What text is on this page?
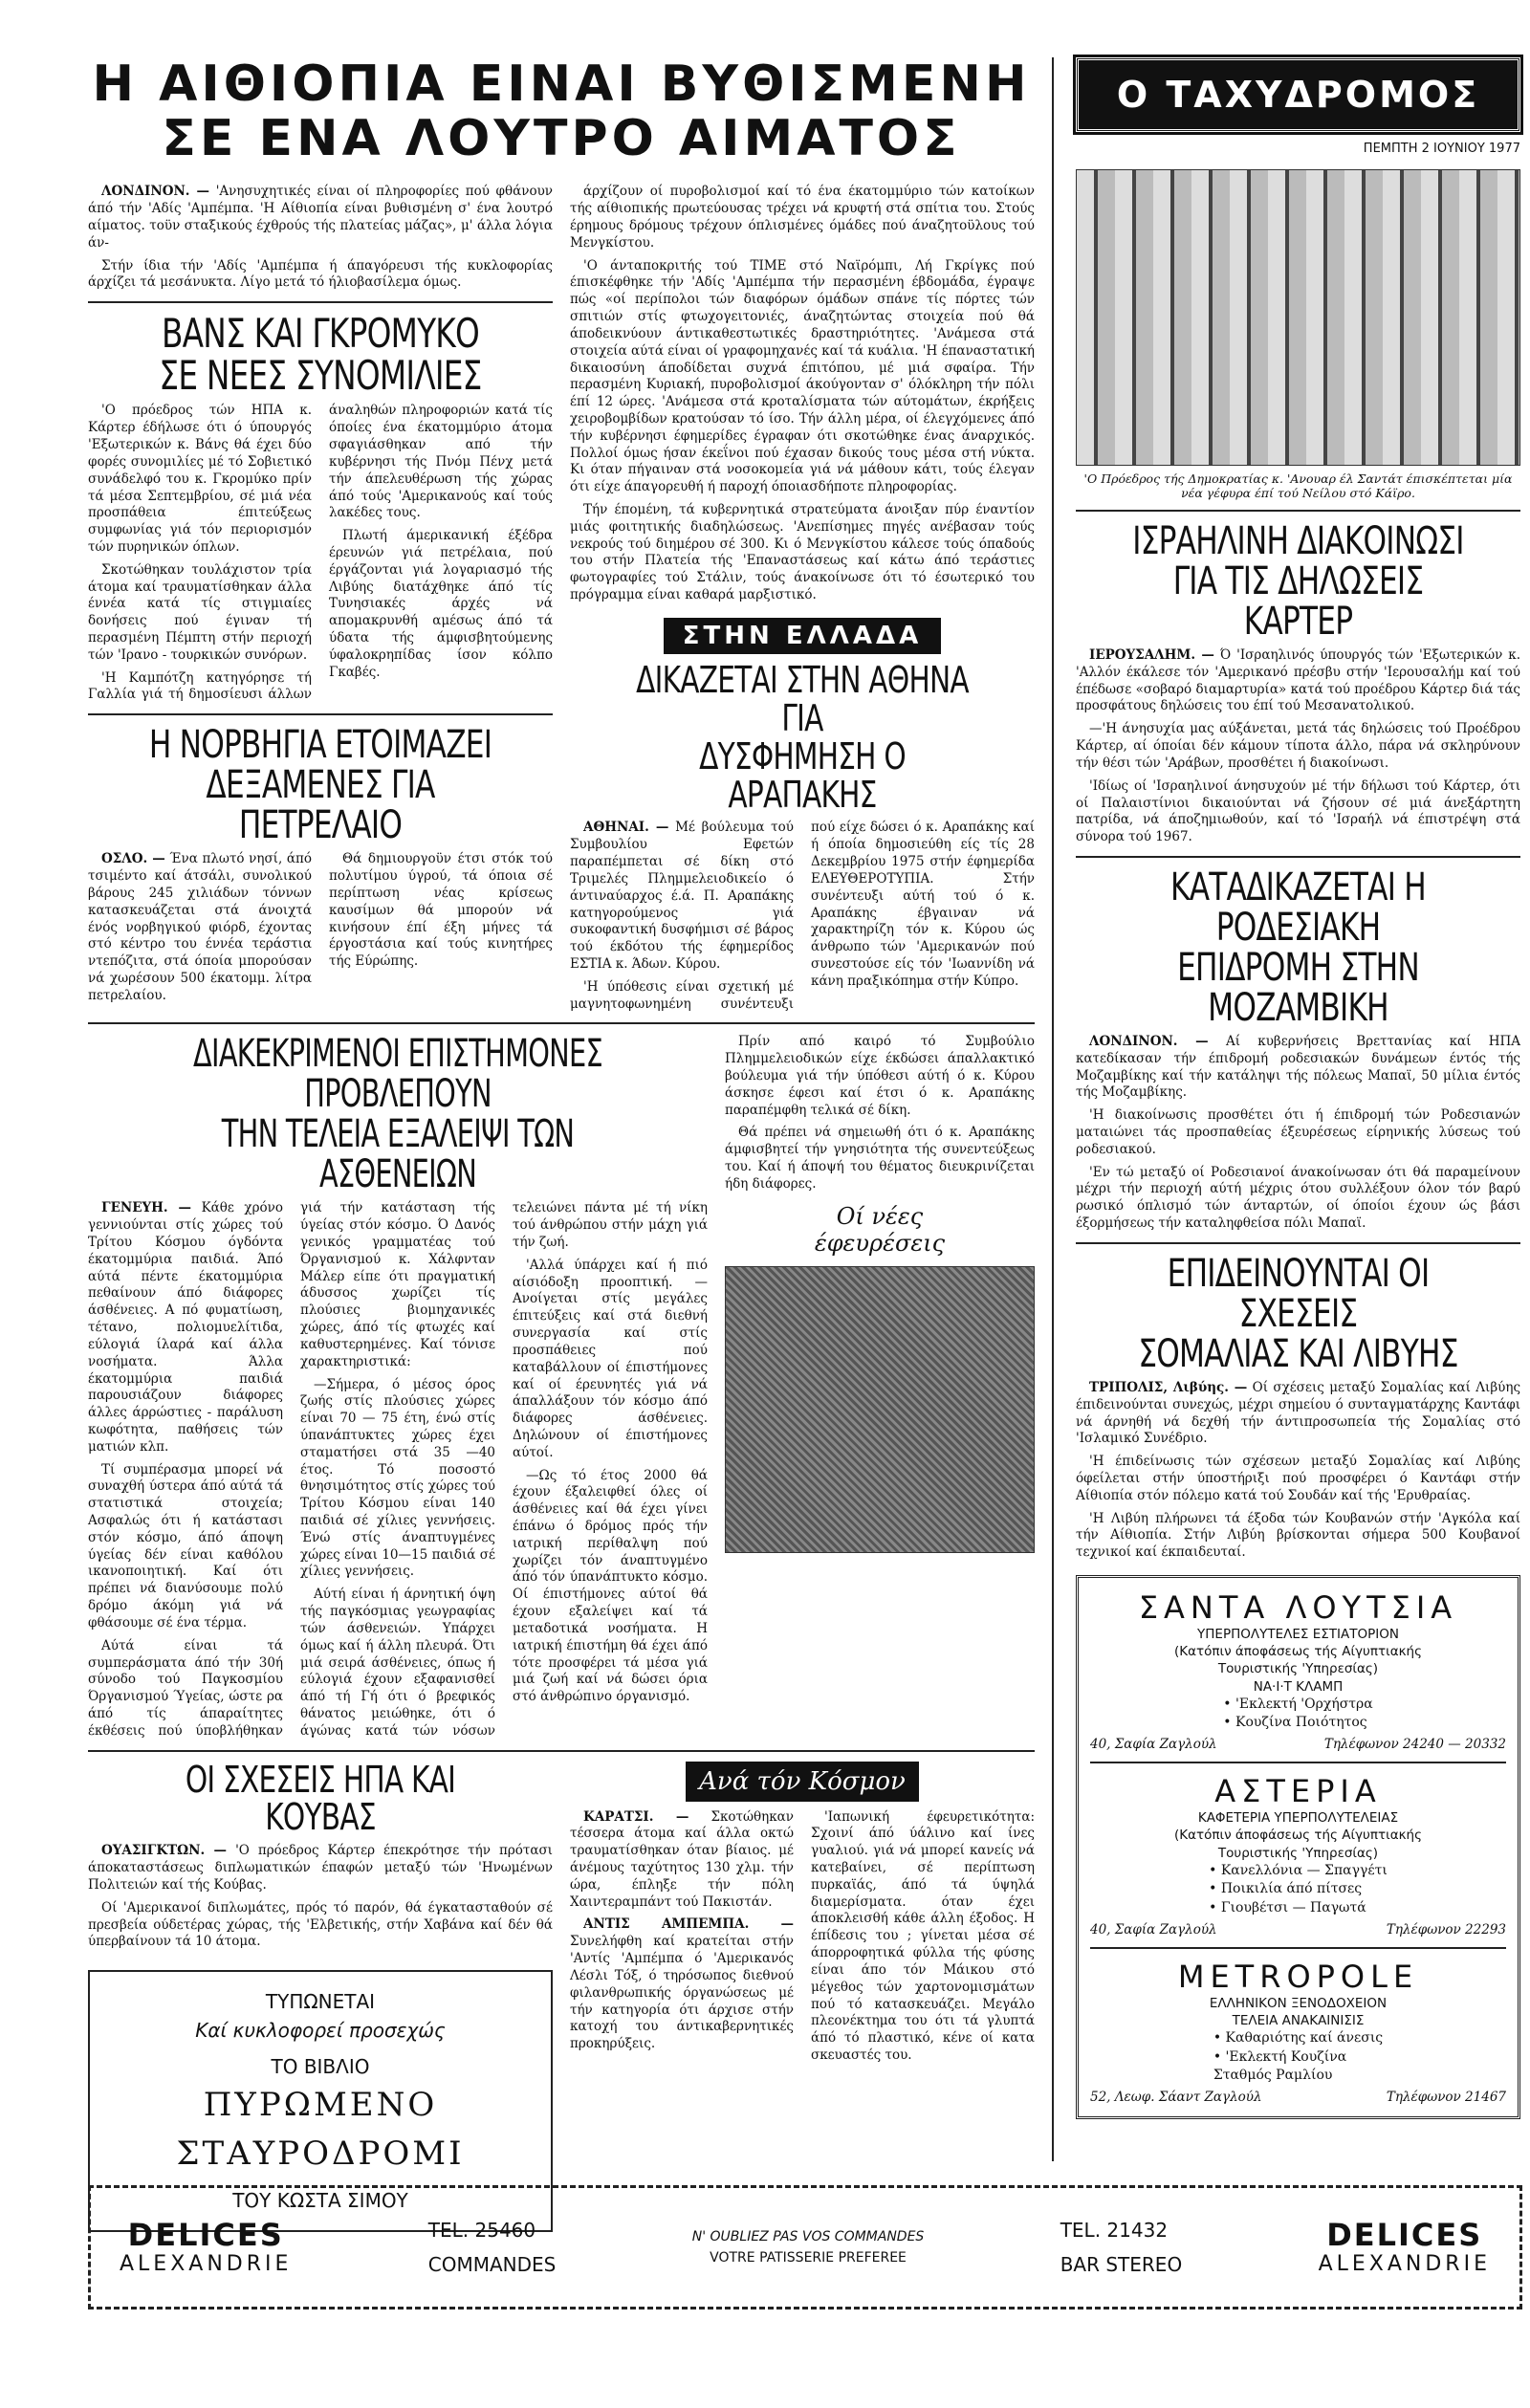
Η ΑΙΘΙΟΠΙΑ ΕΙΝΑΙ ΒΥΘΙΣΜΕΝΗ
ΣΕ ΕΝΑ ΛΟΥΤΡΟ ΑΙΜΑΤΟΣ

ΛΟΝΔΙΝΟΝ. — 'Ανησυχητικές είναι οί πληροφορίες πού φθάνουν άπό τήν 'Αδίς 'Αμπέμπα. 'Η Αίθιοπία είναι βυθισμένη σ' ένα λουτρό αίματος. τοϋν σταξικούς έχθρούς τής πλατείας μάζας», μ' άλλα λόγια άν-

Στήν ίδια τήν 'Αδίς 'Αμπέμπα ή άπαγόρευσι τής κυκλοφορίας άρχίζει τά μεσάνυκτα. Λίγο μετά τό ήλιοβασίλεμα όμως.

ΒΑΝΣ ΚΑΙ ΓΚΡΟΜΥΚΟ
ΣΕ ΝΕΕΣ ΣΥΝΟΜΙΛΙΕΣ

'Ο πρόεδρος τών ΗΠΑ κ. Κάρτερ έδήλωσε ότι ό ύπουργός 'Εξωτερικών κ. Βάνς θά έχει δύο φορές συνομιλίες μέ τό Σοβιετικό συνάδελφό του κ. Γκρομύκο πρίν τά μέσα Σεπτεμβρίου, σέ μιά νέα προσπάθεια έπιτεύξεως συμφωνίας γιά τόν περιορισμόν τών πυρηνικών όπλων.

Σκοτώθηκαν τουλάχιστον τρία άτομα καί τραυματίσθηκαν άλλα έννέα κατά τίς στιγμιαίες δονήσεις πού έγιναν τή περασμένη Πέμπτη στήν περιοχή τών 'Ιρανο - τουρκικών συνόρων.

'Η Καμπότζη κατηγόρησε τή Γαλλία γιά τή δημοσίευσι άλλων άναληθών πληροφοριών κατά τίς όποίες ένα έκατομμύριο άτομα σφαγιάσθηκαν από τήν κυβέρνησι τής Πνόμ Πένχ μετά τήν άπελευθέρωση τής χώρας άπό τούς 'Αμερικανούς καί τούς λακέδες τους.

Πλωτή άμερικανική έξέδρα έρευνών γιά πετρέλαια, πού έργάζονται γιά λογαριασμό τής Λιβύης διατάχθηκε άπό τίς Τυνησιακές άρχές νά απομακρυνθή αμέσως άπό τά ύδατα τής άμφισβητούμενης ύφαλοκρηπίδας ίσον κόλπο Γκαβές.

Η ΝΟΡΒΗΓΙΑ ΕΤΟΙΜΑΖΕΙ
ΔΕΞΑΜΕΝΕΣ ΓΙΑ ΠΕΤΡΕΛΑΙΟ

ΟΣΛΟ. — Ένα πλωτό νησί, άπό τσιμέντο καί άτσάλι, συνολικού βάρους 245 χιλιάδων τόννων κατασκευάζεται στά άνοιχτά ένός νορβηγικού φιόρδ, έχοντας στό κέντρο του έννέα τεράστια ντεπόζιτα, στά όποία μπορούσαν νά χωρέσουν 500 έκατομμ. λίτρα πετρελαίου.

Θά δημιουργοϋν έτσι στόκ τού πολυτίμου ύγρού, τά όποια σέ περίπτωση νέας κρίσεως καυσίμων θά μπορούν νά κινήσουν έπί έξη μήνες τά έργοστάσια καί τούς κινητήρες τής Εύρώπης.

άρχίζουν οί πυροβολισμοί καί τό ένα έκατομμύριο τών κατοίκων τής αίθιοπικής πρωτεύουσας τρέχει νά κρυφτή στά σπίτια του. Στούς έρημους δρόμους τρέχουν όπλισμένες όμάδες πού άναζητοϋλους τού Μενγκίστου.

'Ο άνταποκριτής τού TIME στό Ναϊρόμπι, Λή Γκρίγκς πού έπισκέφθηκε τήν 'Αδίς 'Αμπέμπα τήν περασμένη έβδομάδα, έγραψε πώς «οί περίπολοι τών διαφόρων όμάδων σπάνε τίς πόρτες τών σπιτιών στίς φτωχογειτονιές, άναζητώντας στοιχεία πού θά άποδεικνύουν άντικαθεστωτικές δραστηριότητες. 'Ανάμεσα στά στοιχεία αύτά είναι οί γραφομηχανές καί τά κυάλια. 'Η έπαναστατική δικαιοσύνη άποδίδεται συχνά έπιτόπου, μέ μιά σφαίρα. Τήν περασμένη Κυριακή, πυροβολισμοί άκούγονταν σ' όλόκληρη τήν πόλι έπί 12 ώρες. 'Ανάμεσα στά κροταλίσματα τών αύτομάτων, έκρήξεις χειροβομβίδων κρατούσαν τό ίσο. Τήν άλλη μέρα, οί έλεγχόμενες άπό τήν κυβέρνησι έφημερίδες έγραφαν ότι σκοτώθηκε ένας άναρχικός. Πολλοί όμως ήσαν έκεΐνοι πού έχασαν δικούς τους μέσα στή νύκτα. Κι όταν πήγαιναν στά νοσοκομεία γιά νά μάθουν κάτι, τούς έλεγαν ότι είχε άπαγορευθή ή παροχή όποιασδήποτε πληροφορίας.

Τήν έπομένη, τά κυβερνητικά στρατεύματα άνοιξαν πύρ έναντίον μιάς φοιτητικής διαδηλώσεως. 'Ανεπίσημες πηγές ανέβασαν τούς νεκρούς τού διημέρου σέ 300. Κι ό Μενγκίστου κάλεσε τούς όπαδούς του στήν Πλατεία τής 'Επαναστάσεως καί κάτω άπό τεράστιες φωτογραφίες τού Στάλιν, τούς άνακοίνωσε ότι τό έσωτερικό του πρόγραμμα είναι καθαρά μαρξιστικό.

ΣΤΗΝ ΕΛΛΑΔΑ
ΔΙΚΑΖΕΤΑΙ ΣΤΗΝ ΑΘΗΝΑ ΓΙΑ
ΔΥΣΦΗΜΗΣΗ Ο ΑΡΑΠΑΚΗΣ

ΑΘΗΝΑΙ. — Μέ βούλευμα τού Συμβουλίου Εφετών παραπέμπεται σέ δίκη στό Τριμελές Πλημμελειοδικείο ό άντιναύαρχος έ.ά. Π. Αραπάκης κατηγορούμενος γιά συκοφαντική δυσφήμισι σέ βάρος τού έκδότου τής έφημερίδος ΕΣΤΙΑ κ. Άδων. Κύρου.

'Η ύπόθεσις είναι σχετική μέ μαγνητοφωνημένη συνέντευξι πού είχε δώσει ό κ. Αραπάκης καί ή όποία δημοσιεύθη είς τίς 28 Δεκεμβρίου 1975 στήν έφημερίδα ΕΛΕΥΘΕΡΟΤΥΠΙΑ. Στήν συνέντευξι αύτή τού ό κ. Αραπάκης έβγαιναν νά χαρακτηρίζη τόν κ. Κύρου ώς άνθρωπο τών 'Αμερικανών πού συνεστούσε είς τόν 'Ιωαννίδη νά κάνη πραξικόπημα στήν Κύπρο.

ΔΙΑΚΕΚΡΙΜΕΝΟΙ ΕΠΙΣΤΗΜΟΝΕΣ ΠΡΟΒΛΕΠΟΥΝ
ΤΗΝ ΤΕΛΕΙΑ ΕΞΑΛΕΙΨΙ ΤΩΝ ΑΣΘΕΝΕΙΩΝ

ΓΕΝΕΥΗ. — Κάθε χρόνο γεννιούνται στίς χώρες τού Τρίτου Κόσμου όγδόντα έκατομμύρια παιδιά. Άπό αύτά πέντε έκατομμύρια πεθαίνουν άπό διάφορες άσθένειες. Α πό φυματίωση, τέτανο, πολιομυελίτιδα, εύλογιά ίλαρά καί άλλα νοσήματα. Άλλα έκατομμύρια παιδιά παρουσιάζουν διάφορες άλλες άρρώστιες - παράλυση κωφότητα, παθήσεις τών ματιών κλπ.

Τί συμπέρασμα μπορεί νά συναχθή ύστερα άπό αύτά τά στατιστικά στοιχεία; Ασφαλώς ότι ή κατάστασι στόν κόσμο, άπό άποψη ύγείας δέν είναι καθόλου ικανοποιητική. Καί ότι πρέπει νά διανύσουμε πολύ δρόμο άκόμη γιά νά φθάσουμε σέ ένα τέρμα.

Αύτά είναι τά συμπεράσματα άπό τήν 30ή σύνοδο τού Παγκοσμίου Όργανισμού Ύγείας, ώστε ρα άπό τίς άπαραίτητες έκθέσεις πού ύποβλήθηκαν γιά τήν κατάσταση τής ύγείας στόν κόσμο. Ό Δανός γενικός γραμματέας τού Όργανισμού κ. Χάλφνταν Μάλερ είπε ότι πραγματική άδυσσος χωρίζει τίς πλούσιες βιομηχανικές χώρες, άπό τίς φτωχές καί καθυστερημένες. Καί τόνισε χαρακτηριστικά:

—Σήμερα, ό μέσος όρος ζωής στίς πλούσιες χώρες είναι 70 — 75 έτη, ένώ στίς ύπανάπτυκτες χώρες έχει σταματήσει στά 35 —40 έτος. Τό ποσοστό θνησιμότητος στίς χώρες τού Τρίτου Κόσμου είναι 140 παιδιά σέ χίλιες γεννήσεις. Ένώ στίς άναπτυγμένες χώρες είναι 10—15 παιδιά σέ χίλιες γεννήσεις.

Αύτή είναι ή άρνητική όψη τής παγκόσμιας γεωγραφίας τών άσθενειών. Υπάρχει όμως καί ή άλλη πλευρά. Ότι μιά σειρά άσθένειες, όπως ή εύλογιά έχουν εξαφανισθεί άπό τή Γή ότι ό βρεφικός θάνατος μειώθηκε, ότι ό άγώνας κατά τών νόσων τελειώνει πάντα μέ τή νίκη τού άνθρώπου στήν μάχη γιά τήν ζωή.

'Αλλά ύπάρχει καί ή πιό αίσιόδοξη προοπτική. — Ανοίγεται στίς μεγάλες έπιτεύξεις καί στά διεθνή συνεργασία καί στίς προσπάθειες πού καταβάλλουν οί έπιστήμονες καί οί έρευνητές γιά νά άπαλλάξουν τόν κόσμο άπό διάφορες άσθένειες. Δηλώνουν οί έπιστήμονες αύτοί.

—Ως τό έτος 2000 θά έχουν έξαλειφθεί όλες οί άσθένειες καί θά έχει γίνει έπάνω ό δρόμος πρός τήν ιατρική περίθαλψη πού χωρίζει τόν άναπτυγμένο άπό τόν ύπανάπτυκτο κόσμο. Οί έπιστήμονες αύτοί θά έχουν εξαλείψει καί τά μεταδοτικά νοσήματα. Η ιατρική έπιστήμη θά έχει άπό τότε προσφέρει τά μέσα γιά μιά ζωή καί νά δώσει όρια στό άνθρώπινο όργανισμό.

Πρίν από καιρό τό Συμβούλιο Πλημμελειοδικών είχε έκδώσει άπαλλακτικό βούλευμα γιά τήν ύπόθεσι αύτή ό κ. Κύρου άσκησε έφεσι καί έτσι ό κ. Αραπάκης παραπέμφθη τελικά σέ δίκη.

Θά πρέπει νά σημειωθή ότι ό κ. Αραπάκης άμφισβητεί τήν γνησιότητα τής συνεντεύξεως του. Καί ή άποψή του θέματος διευκρινίζεται ήδη διάφορες.

Οί νέες
έφευρέσεις
ΟΙ ΣΧΕΣΕΙΣ ΗΠΑ ΚΑΙ ΚΟΥΒΑΣ

ΟΥΑΣΙΓΚΤΩΝ. — 'Ο πρόεδρος Κάρτερ έπεκρότησε τήν πρότασι άποκαταστάσεως διπλωματικών έπαφών μεταξύ τών 'Ηνωμένων Πολιτειών καί τής Κούβας.

Οί 'Αμερικανοί διπλωμάτες, πρός τό παρόν, θά έγκατασταθούν σέ πρεσβεία ούδετέρας χώρας, τής 'Ελβετικής, στήν Χαβάνα καί δέν θά ύπερβαίνουν τά 10 άτομα.

ΤΥΠΩΝΕΤΑΙ
Καί κυκλοφορεί προσεχώς
ΤΟ ΒΙΒΛΙΟ
ΠΥΡΩΜΕΝΟ
ΣΤΑΥΡΟΔΡΟΜΙ
ΤΟΥ ΚΩΣΤΑ ΣΙΜΟΥ
Ανά τόν Κόσμον

ΚΑΡΑΤΣΙ. — Σκοτώθηκαν τέσσερα άτομα καί άλλα οκτώ τραυματίσθηκαν όταν βίαιος. μέ άνέμους ταχύτητος 130 χλμ. τήν ώρα, έπληξε τήν πόλη Χαιντεραμπάντ τού Πακιστάν.

ΑΝΤΙΣ ΑΜΠΕΜΠΑ. — Συνελήφθη καί κρατείται στήν 'Αντίς 'Αμπέμπα ό 'Αμερικανός Λέσλι Τόξ, ό τηρόσωπος διεθνού φιλανθρωπικής όργανώσεως μέ τήν κατηγορία ότι άρχισε στήν κατοχή του άντικαβερνητικές προκηρύξεις.

'Ιαπωνική έφευρετικότητα: Σχοινί άπό ύάλινο καί ίνες γυαλιού. γιά νά μπορεί κανείς νά κατεβαίνει, σέ περίπτωση πυρκαϊάς, άπό τά ύψηλά διαμερίσματα. όταν έχει άποκλεισθή κάθε άλλη έξοδος. Η έπίδεσις του ; γίνεται μέσα σέ άπορροφητικά φύλλα τής φύσης είναι άπο τόν Μάικου στό μέγεθος τών χαρτονομισμάτων πού τό κατασκευάζει. Μεγάλο πλεονέκτημα του ότι τά γλυπτά άπό τό πλαστικό, κένε οί κατα σκευαστές του.

Ο ΤΑΧΥΔΡΟΜΟΣ
ΠΕΜΠΤΗ 2 ΙΟΥΝΙΟΥ 1977
'Ο Πρόεδρος τής Δημοκρατίας κ. 'Ανουαρ έλ Σαντάτ έπισκέπτεται μία νέα γέφυρα έπί τού Νείλου στό Κάϊρο.
ΙΣΡΑΗΛΙΝΗ ΔΙΑΚΟΙΝΩΣΙ
ΓΙΑ ΤΙΣ ΔΗΛΩΣΕΙΣ ΚΑΡΤΕΡ

ΙΕΡΟΥΣΑΛΗΜ. — Ό 'Ισραηλινός ύπουργός τών 'Εξωτερικών κ. 'Αλλόν έκάλεσε τόν 'Αμερικανό πρέσβυ στήν 'Ιερουσαλήμ καί τού έπέδωσε «σοβαρό διαμαρτυρία» κατά τού προέδρου Κάρτερ διά τάς προσφάτους δηλώσεις του έπί τού Μεσανατολικού.

—'Η άνησυχία μας αύξάνεται, μετά τάς δηλώσεις τού Προέδρου Κάρτερ, αί όποίαι δέν κάμουν τίποτα άλλο, πάρα νά σκληρύνουν τήν θέσι τών 'Αράβων, προσθέτει ή διακοίνωσι.

'Ιδίως οί 'Ισραηλινοί άνησυχούν μέ τήν δήλωσι τού Κάρτερ, ότι οί Παλαιστίνιοι δικαιούνται νά ζήσουν σέ μιά άνεξάρτητη πατρίδα, νά άποζημιωθούν, καί τό 'Ισραήλ νά έπιστρέψη στά σύνορα τού 1967.

ΚΑΤΑΔΙΚΑΖΕΤΑΙ Η ΡΟΔΕΣΙΑΚΗ
ΕΠΙΔΡΟΜΗ ΣΤΗΝ ΜΟΖΑΜΒΙΚΗ

ΛΟΝΔΙΝΟΝ. — Αί κυβερνήσεις Βρεττανίας καί ΗΠΑ κατεδίκασαν τήν έπιδρομή ροδεσιακών δυνάμεων έντός τής Μοζαμβίκης καί τήν κατάληψι τής πόλεως Μαπαϊ, 50 μίλια έντός τής Μοζαμβίκης.

'Η διακοίνωσις προσθέτει ότι ή έπιδρομή τών Ροδεσιανών ματαιώνει τάς προσπαθείας έξευρέσεως είρηνικής λύσεως τού ροδεσιακού.

'Εν τώ μεταξύ οί Ροδεσιανοί άνακοίνωσαν ότι θά παραμείνουν μέχρι τήν περιοχή αύτή μέχρις ότου συλλέξουν όλον τόν βαρύ ρωσικό όπλισμό τών άνταρτών, οί όποίοι έχουν ώς βάσι έξορμήσεως τήν καταληφθείσα πόλι Μαπαϊ.

ΕΠΙΔΕΙΝΟΥΝΤΑΙ ΟΙ ΣΧΕΣΕΙΣ
ΣΟΜΑΛΙΑΣ ΚΑΙ ΛΙΒΥΗΣ

ΤΡΙΠΟΛΙΣ, Λιβύης. — Οί σχέσεις μεταξύ Σομαλίας καί Λιβύης έπιδεινούνται συνεχώς, μέχρι σημείου ό συνταγματάρχης Καντάφι νά άρνηθή νά δεχθή τήν άντιπροσωπεία τής Σομαλίας στό 'Ισλαμικό Συνέδριο.

'Η έπιδείνωσις τών σχέσεων μεταξύ Σομαλίας καί Λιβύης όφείλεται στήν ύποστήριξι πού προσφέρει ό Καντάφι στήν Αίθιοπία στόν πόλεμο κατά τού Σουδάν καί τής 'Ερυθραίας.

'Η Λιβύη πλήρωνει τά έξοδα τών Κουβανών στήν 'Αγκόλα καί τήν Αίθιοπία. Στήν Λιβύη βρίσκονται σήμερα 500 Κουβανοί τεχνικοί καί έκπαιδευταί.

ΣΑΝΤΑ ΛΟΥΤΣΙΑ
ΥΠΕΡΠΟΛΥΤΕΛΕΣ ΕΣΤΙΑΤΟΡΙΟΝ
(Κατόπιν άποφάσεως τής Αίγυπτιακής
Τουριστικής 'Υπηρεσίας)
ΝΑ·Ι·Τ ΚΛΑΜΠ
• 'Εκλεκτή 'Ορχήστρα
• Κουζίνα Ποιότητος
40, Σαφία Ζαγλούλ	Τηλέφωνον 24240 — 20332
ΑΣΤΕΡΙΑ
ΚΑΦΕΤΕΡΙΑ ΥΠΕΡΠΟΛΥΤΕΛΕΙΑΣ
(Κατόπιν άποφάσεως τής Αίγυπτιακής
Τουριστικής 'Υπηρεσίας)
• Κανελλόνια — Σπαγγέτι
• Ποικιλία άπό πίτσες
• Γιουβέτσι — Παγωτά
40, Σαφία Ζαγλούλ	Τηλέφωνον 22293
METROPOLE
ΕΛΛΗΝΙΚΟΝ ΞΕΝΟΔΟΧΕΙΟΝ
ΤΕΛΕΙΑ ΑΝΑΚΑΙΝΙΣΙΣ
• Καθαριότης καί άνεσις
• 'Εκλεκτή Κουζίνα
Σταθμός Ραμλίου
52, Λεωφ. Σάαντ Ζαγλούλ	Τηλέφωνον 21467
DELICES
ALEXANDRIE
TEL. 25460
COMMANDES
N' OUBLIEZ PAS VOS COMMANDES
VOTRE PATISSERIE PREFEREE
TEL. 21432
BAR STEREO
DELICES
ALEXANDRIE
